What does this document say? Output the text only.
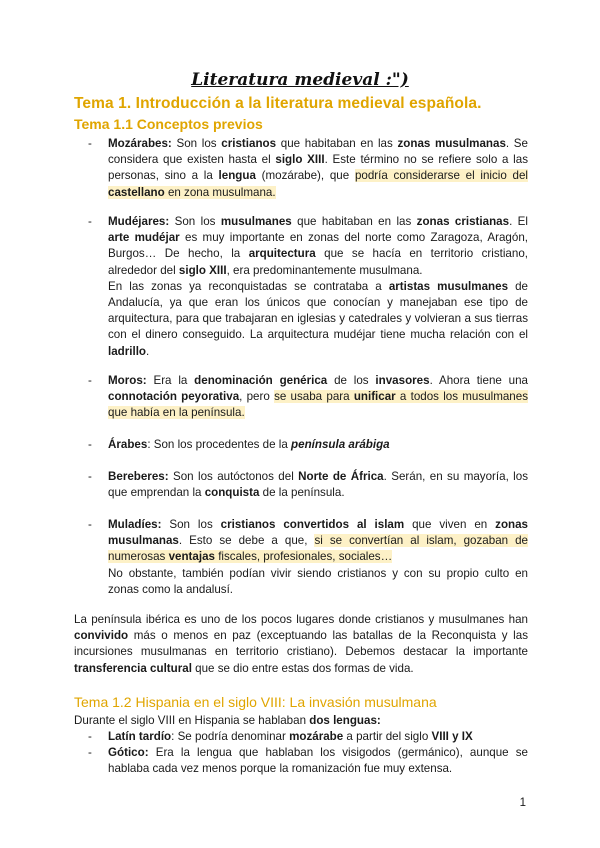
Literatura medieval :")
Tema 1. Introducción a la literatura medieval española.
Tema 1.1 Conceptos previos
-	Mozárabes: Son los cristianos que habitaban en las zonas musulmanas. Se considera que existen hasta el siglo XIII. Este término no se refiere solo a las personas, sino a la lengua (mozárabe), que podría considerarse el inicio del castellano en zona musulmana.
-	Mudéjares: Son los musulmanes que habitaban en las zonas cristianas. El arte mudéjar es muy importante en zonas del norte como Zaragoza, Aragón, Burgos… De hecho, la arquitectura que se hacía en territorio cristiano, alrededor del siglo XIII, era predominantemente musulmana.
En las zonas ya reconquistadas se contrataba a artistas musulmanes de Andalucía, ya que eran los únicos que conocían y manejaban ese tipo de arquitectura, para que trabajaran en iglesias y catedrales y volvieran a sus tierras con el dinero conseguido. La arquitectura mudéjar tiene mucha relación con el ladrillo.
-	Moros: Era la denominación genérica de los invasores. Ahora tiene una connotación peyorativa, pero se usaba para unificar a todos los musulmanes que había en la península.
-	Árabes: Son los procedentes de la península arábiga
-	Bereberes: Son los autóctonos del Norte de África. Serán, en su mayoría, los que emprendan la conquista de la península.
-	Muladíes: Son los cristianos convertidos al islam que viven en zonas musulmanas. Esto se debe a que, si se convertían al islam, gozaban de numerosas ventajas fiscales, profesionales, sociales…
No obstante, también podían vivir siendo cristianos y con su propio culto en zonas como la andalusí.
La península ibérica es uno de los pocos lugares donde cristianos y musulmanes han convivido más o menos en paz (exceptuando las batallas de la Reconquista y las incursiones musulmanas en territorio cristiano). Debemos destacar la importante transferencia cultural que se dio entre estas dos formas de vida.
Tema 1.2 Hispania en el siglo VIII: La invasión musulmana
Durante el siglo VIII en Hispania se hablaban dos lenguas:
-	Latín tardío: Se podría denominar mozárabe a partir del siglo VIII y IX
-	Gótico: Era la lengua que hablaban los visigodos (germánico), aunque se hablaba cada vez menos porque la romanización fue muy extensa.
1
